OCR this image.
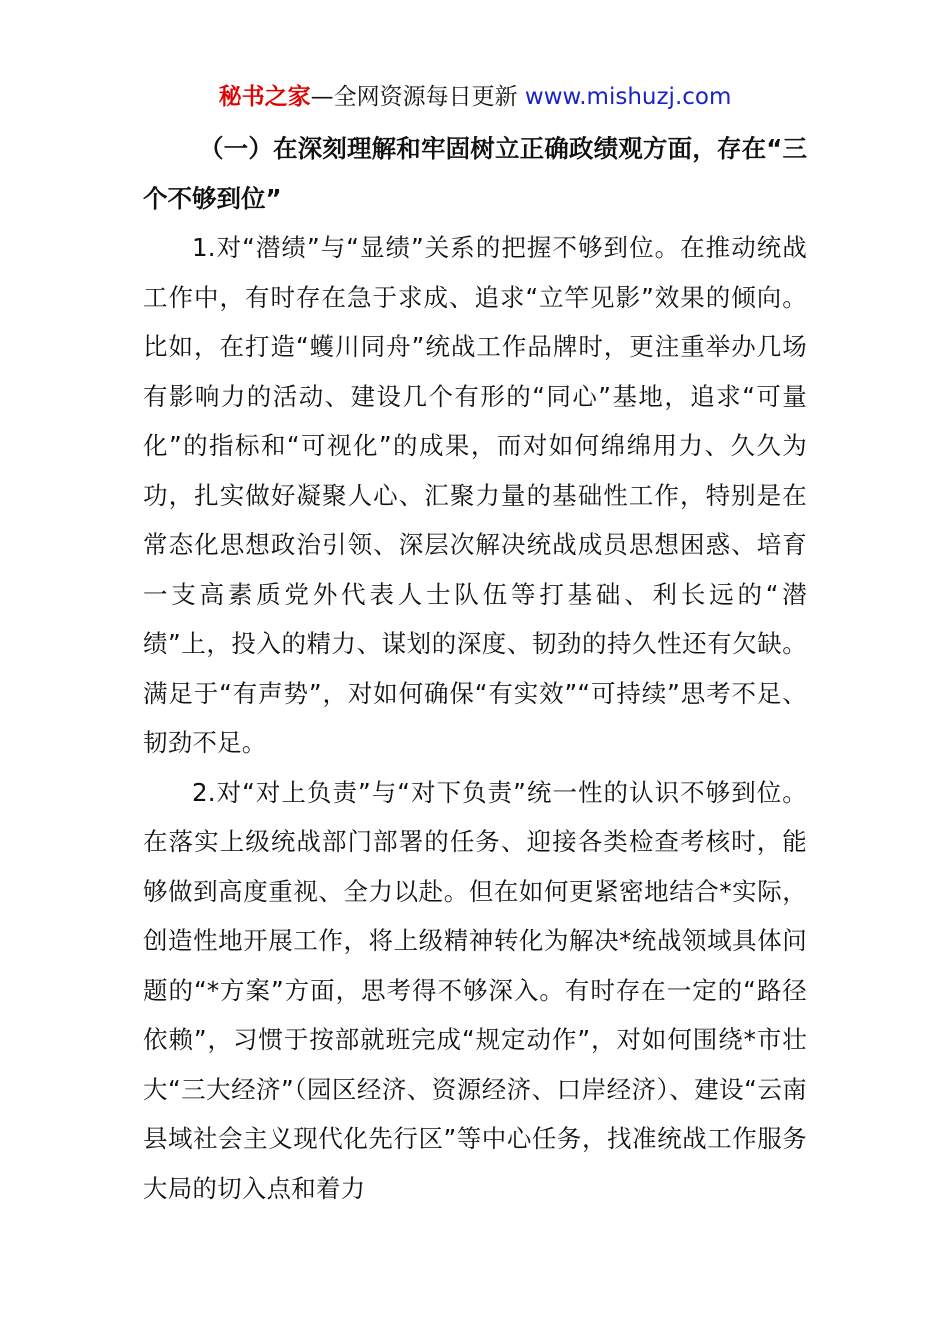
秘书之家—全网资源每日更新 www.mishuzj.com

（一）在深刻理解和牢固树立正确政绩观方面，存在“三个不够到位”

1.对“潜绩”与“显绩”关系的把握不够到位。在推动统战工作中，有时存在急于求成、追求“立竿见影”效果的倾向。比如，在打造“蠖川同舟”统战工作品牌时，更注重举办几场有影响力的活动、建设几个有形的“同心”基地，追求“可量化”的指标和“可视化”的成果，而对如何绵绵用力、久久为功，扎实做好凝聚人心、汇聚力量的基础性工作，特别是在常态化思想政治引领、深层次解决统战成员思想困惑、培育一支高素质党外代表人士队伍等打基础、利长远的“潜绩”上，投入的精力、谋划的深度、韧劲的持久性还有欠缺。满足于“有声势”，对如何确保“有实效”“可持续”思考不足、韧劲不足。

2.对“对上负责”与“对下负责”统一性的认识不够到位。在落实上级统战部门部署的任务、迎接各类检查考核时，能够做到高度重视、全力以赴。但在如何更紧密地结合*实际，创造性地开展工作，将上级精神转化为解决*统战领域具体问题的“*方案”方面，思考得不够深入。有时存在一定的“路径依赖”，习惯于按部就班完成“规定动作”，对如何围绕*市壮大“三大经济”（园区经济、资源经济、口岸经济）、建设“云南县域社会主义现代化先行区”等中心任务，找准统战工作服务大局的切入点和着力
